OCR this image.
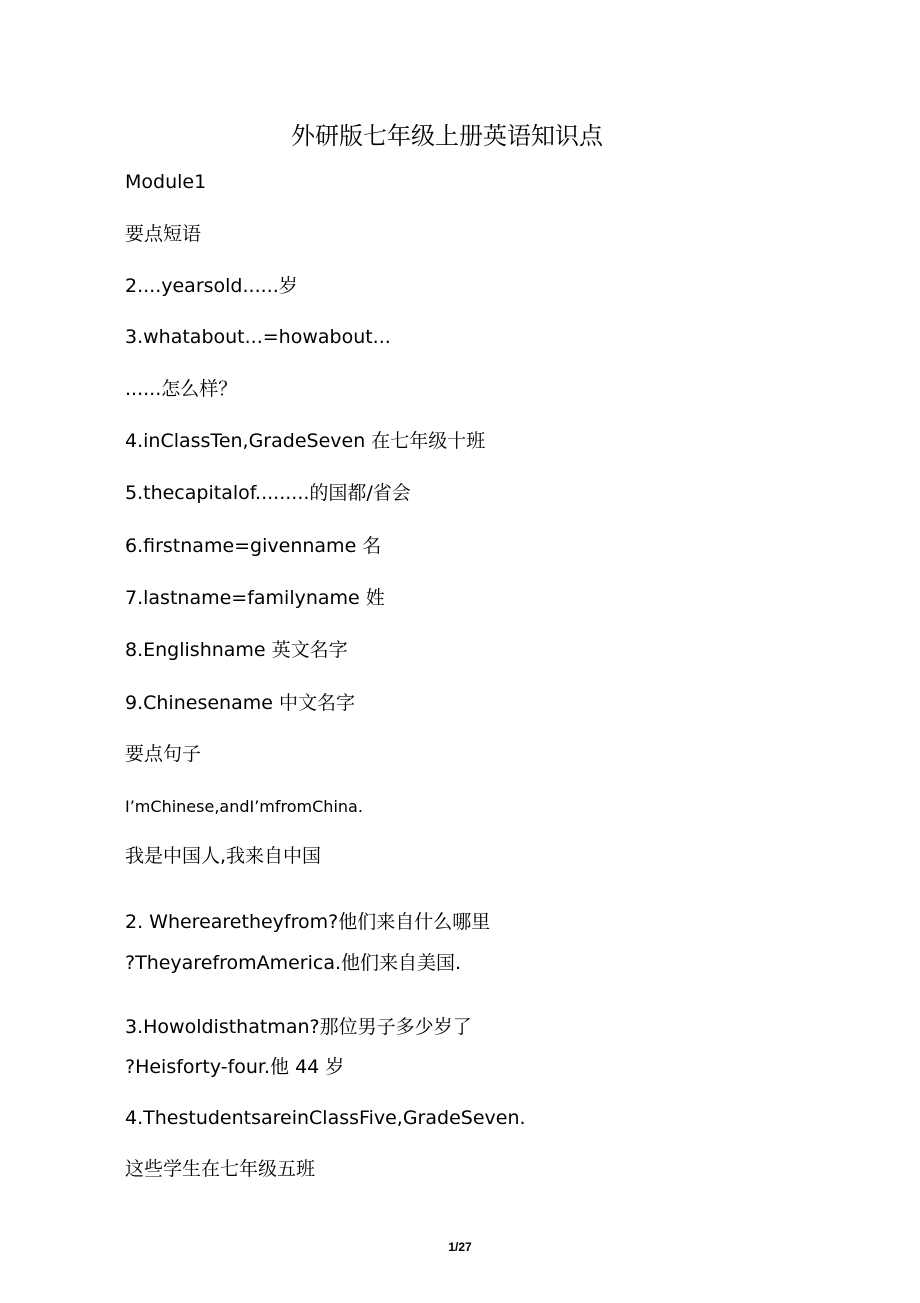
外研版七年级上册英语知识点
Module1
要点短语
2....yearsold......岁
3.whatabout...=howabout...
......怎么样？
4.inClassTen,GradeSeven 在七年级十班
5.thecapitalof.........的国都/省会
6.firstname=givenname 名
7.lastname=familyname 姓
8.Englishname 英文名字
9.Chinesename 中文名字
要点句子
I’mChinese,andI’mfromChina.
我是中国人,我来自中国
2. Wherearetheyfrom?他们来自什么哪里
?TheyarefromAmerica.他们来自美国.
3.Howoldisthatman?那位男子多少岁了
?Heisforty-four.他 44 岁
4.ThestudentsareinClassFive,GradeSeven.
这些学生在七年级五班
1/27
